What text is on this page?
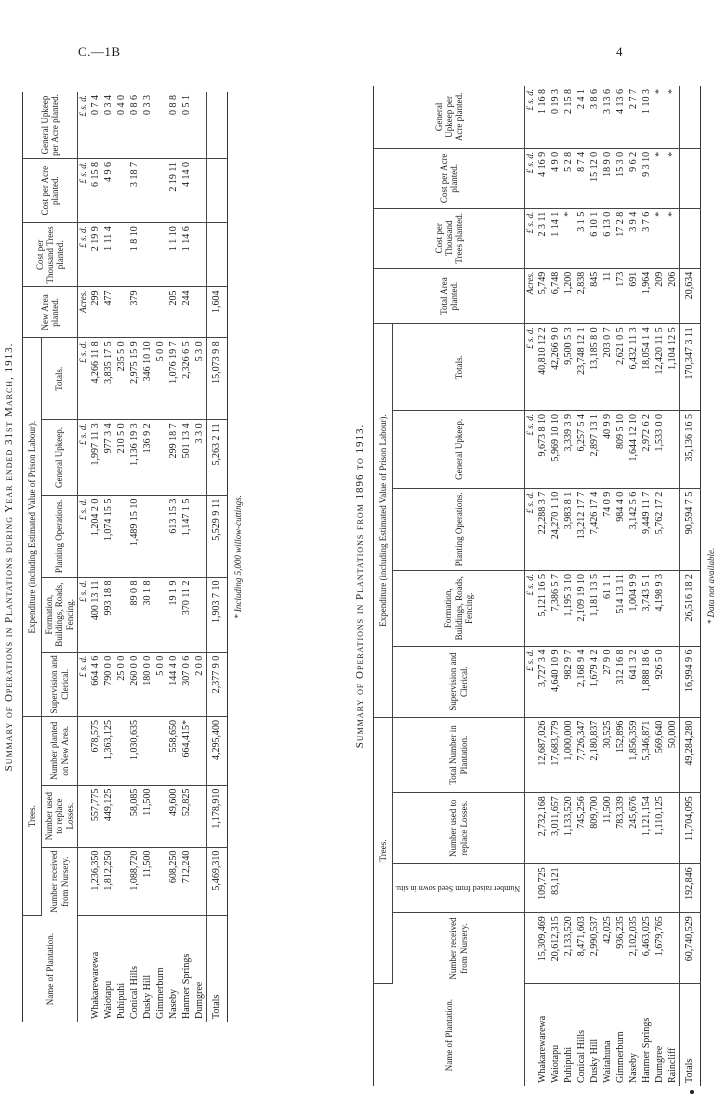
C.—1B	4
Summary of Operations in Plantations during Year ended 31st March, 1913.
Name of Plantation.	Trees.			Expenditure (including Estimated Value of Prison Labour).					New Area planted.	Cost per Thousand Trees planted.	Cost per Acre planted.	General Upkeep per Acre planted.
	Number received from Nursery.	Number used to replace Losses.	Number planted on New Area.	Supervision and Clerical.	Formation, Buildings, Roads, Fencing.	Planting Operations.	General Upkeep.	Totals.				
				£ s. d.	£ s. d.	£ s. d.	£ s. d.	£ s. d.	Acres.	£ s. d.	£ s. d.	£ s. d.
Whakarewarewa	1,236,350	557,775	678,575	664 4 6	400 13 11	1,204 2 0	1,997 11 3	4,266 11 8	299	2 19 9	6 15 8	0 7 4
Waiotapu	1,812,250	449,125	1,363,125	790 0 0	993 18 8	1,074 15 5	977 3 4	3,835 17 5	477	1 11 4	4 9 6	0 3 4
Puhipuhi				25 0 0			210 5 0	235 5 0				0 4 0
Conical Hills	1,088,720	58,085	1,030,635	260 0 0	89 0 8	1,489 15 10	1,136 19 3	2,975 15 9	379	1 8 10	3 18 7	0 8 6
Dusky Hill	11,500	11,500		180 0 0	30 1 8		136 9 2	346 10 10				0 3 3
Gimmerburn				5 0 0				5 0 0				
Naseby	608,250	49,600	558,650	144 4 0	19 1 9	613 15 3	299 18 7	1,076 19 7	205	1 1 10	2 19 11	0 8 8
Hanmer Springs	712,240	52,825	664,415*	307 0 6	370 11 2	1,147 1 5	501 13 4	2,326 6 5	244	1 14 6	4 14 0	0 5 1
Dumgree				2 0 0			3 3 0	5 3 0				
Totals	5,469,310	1,178,910	4,295,400	2,377 9 0	1,903 7 10	5,529 9 11	5,263 2 11	15,073 9 8	1,604			
* Including 5,000 willow-cuttings.	Summary of Operations in Plantations from 1896 to 1913.
Name of Plantation.	Trees.				Expenditure (including Estimated Value of Prison Labour).					Total Area planted.	Cost per Thousand Trees planted.	Cost per Acre planted.	General Upkeep per Acre planted.
	Number received from Nursery.	Number raised from Seed sown in situ.	Number used to replace Losses.	Total Number in Plantation.	Supervision and Clerical.	Formation, Buildings, Roads, Fencing.	Planting Operations.	General Upkeep.	Totals.				
					£ s. d.	£ s. d.	£ s. d.	£ s. d.	£ s. d.	Acres.	£ s. d.	£ s. d.	£ s. d.
Whakarewarewa	15,309,469	109,725	2,732,168	12,687,026	3,727 3 4	5,121 16 5	22,288 3 7	9,673 8 10	40,810 12 2	5,749	2 3 11	4 16 9	1 16 8
Waiotapu	20,612,315	83,121	3,011,657	17,683,779	4,640 10 9	7,386 5 7	24,270 1 10	5,969 10 10	42,266 9 0	6,748	1 14 1	4 9 0	0 19 3
Puhipuhi	2,133,520		1,133,520	1,000,000	982 9 7	1,195 3 10	3,983 8 1	3,339 3 9	9,500 5 3	1,200	*	5 2 8	2 15 8
Conical Hills	8,471,603		745,256	7,726,347	2,168 9 4	2,109 19 10	13,212 17 7	6,257 5 4	23,748 12 1	2,838	3 1 5	8 7 4	2 4 1
Dusky Hill	2,990,537		809,700	2,180,837	1,679 4 2	1,181 13 5	7,426 17 4	2,897 13 1	13,185 8 0	845	6 10 1	15 12 0	3 8 6
Waitahuna	42,025		11,500	30,525	27 9 0	61 1 1	74 0 9	40 9 9	203 0 7	11	6 13 0	18 9 0	3 13 6
Gimmerburn	936,235		783,339	152,896	312 16 8	514 13 11	984 4 0	809 5 10	2,621 0 5	173	17 2 8	15 3 0	4 13 6
Naseby	2,102,035		245,676	1,856,359	641 3 2	1,004 9 9	3,142 5 6	1,644 12 10	6,432 11 3	691	3 9 4	9 6 2	2 7 7
Hanmer Springs	6,463,025		1,121,154	5,346,871	1,888 18 6	3,743 5 1	9,449 11 7	2,972 6 2	18,054 1 4	1,964	3 7 6	9 3 10	1 10 3
Dumgree	1,679,765		1,110,125	569,640	926 5 0	4,198 9 3	5,762 17 2	1,533 0 0	12,420 11 5	209	*	*	*
Raincliff				50,000					1,104 12 5	206	*	*	*
Totals	60,740,529	192,846	11,704,095	49,284,280	16,994 9 6	26,516 18 2	90,594 7 5	35,136 16 5	170,347 3 11	20,634			
* Data not available.
